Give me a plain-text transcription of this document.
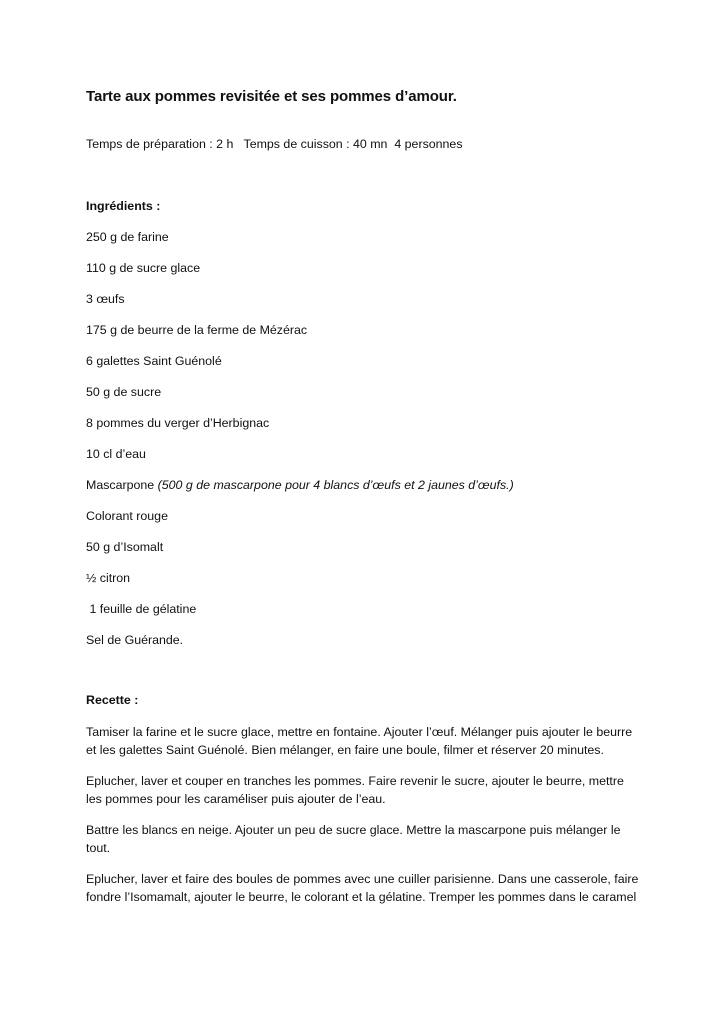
Tarte aux pommes revisitée et ses pommes d’amour.
Temps de préparation : 2 h   Temps de cuisson : 40 mn  4 personnes
Ingrédients :
250 g de farine
110 g de sucre glace
3 œufs
175 g de beurre de la ferme de Mézérac
6 galettes Saint Guénolé
50 g de sucre
8 pommes du verger d’Herbignac
10 cl d’eau
Mascarpone (500 g de mascarpone pour 4 blancs d’œufs et 2 jaunes d’œufs.)
Colorant rouge
50 g d’Isomalt
½ citron
1 feuille de gélatine
Sel de Guérande.
Recette :

Tamiser la farine et le sucre glace, mettre en fontaine. Ajouter l’œuf. Mélanger puis ajouter le beurre
et les galettes Saint Guénolé. Bien mélanger, en faire une boule, filmer et réserver 20 minutes.

Eplucher, laver et couper en tranches les pommes. Faire revenir le sucre, ajouter le beurre, mettre
les pommes pour les caraméliser puis ajouter de l’eau.

Battre les blancs en neige. Ajouter un peu de sucre glace. Mettre la mascarpone puis mélanger le
tout.

Eplucher, laver et faire des boules de pommes avec une cuiller parisienne. Dans une casserole, faire
fondre l’Isomamalt, ajouter le beurre, le colorant et la gélatine. Tremper les pommes dans le caramel
